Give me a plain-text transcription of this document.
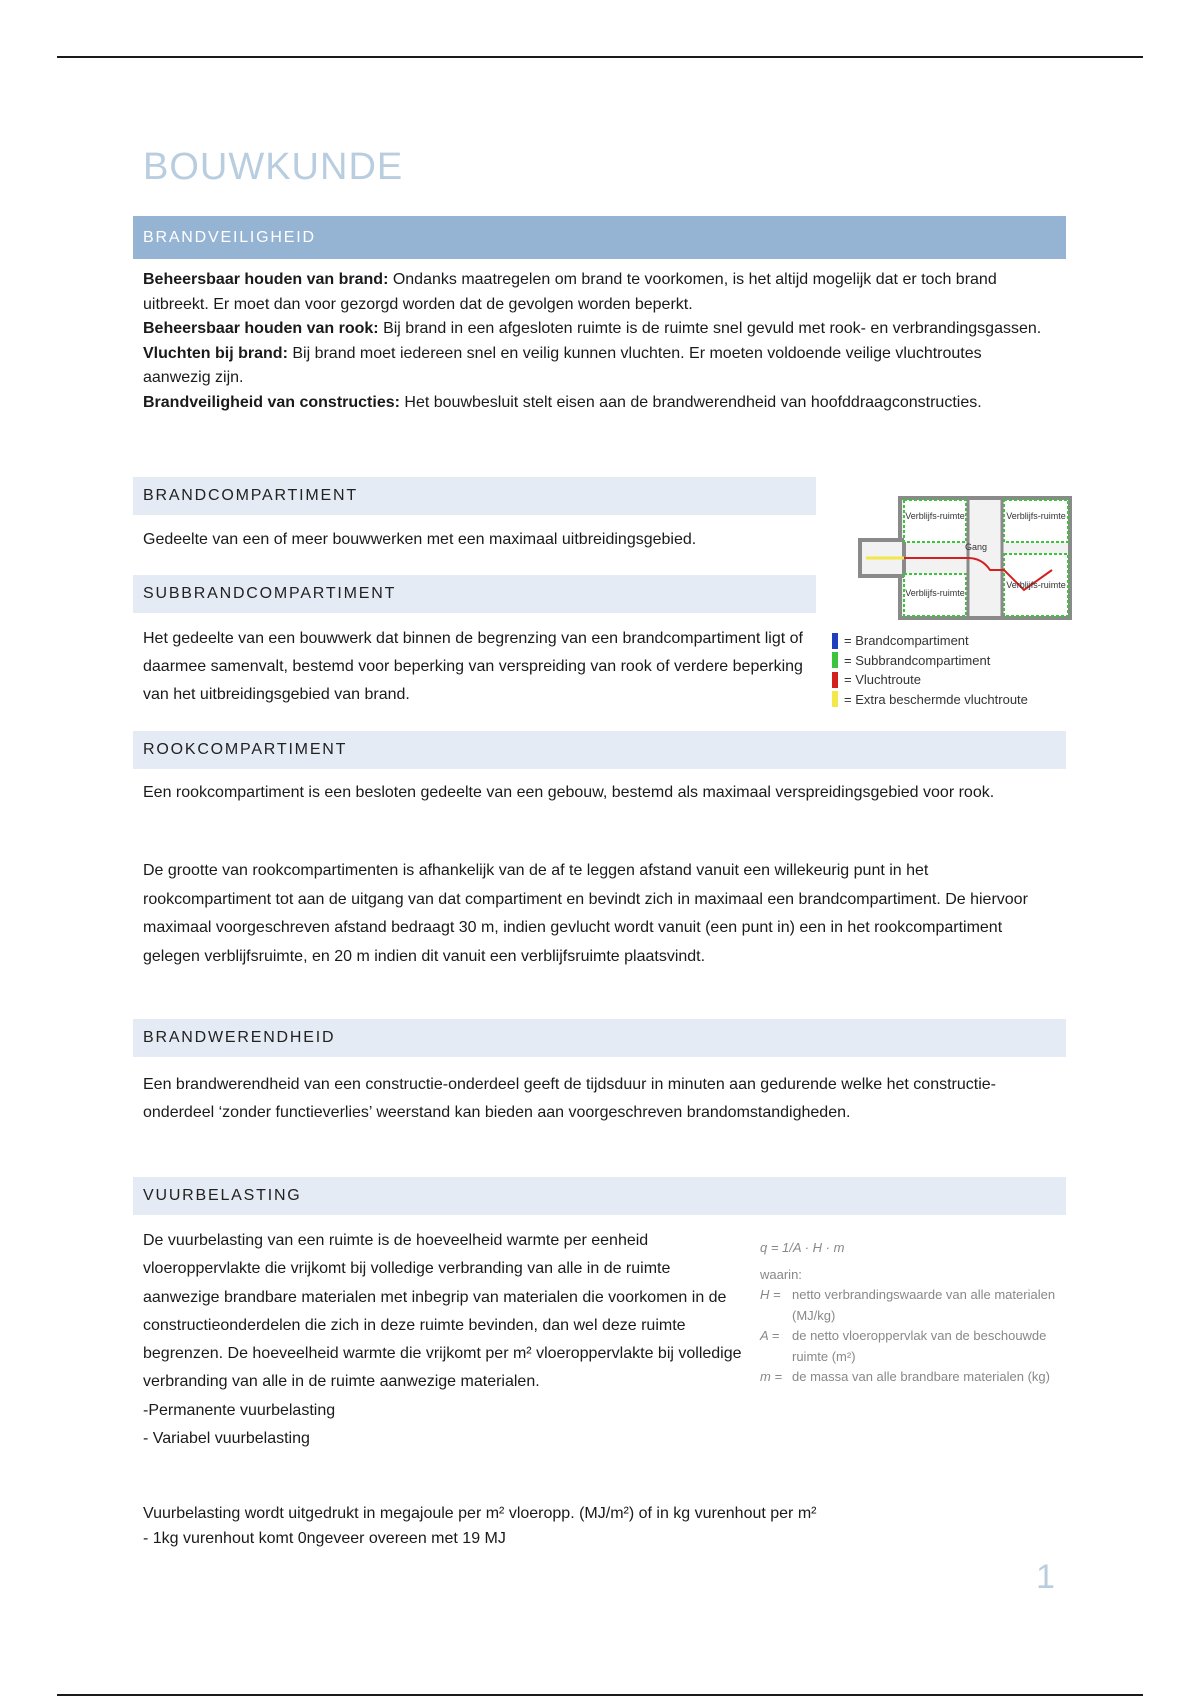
BOUWKUNDE
BRANDVEILIGHEID
Beheersbaar houden van brand: Ondanks maatregelen om brand te voorkomen, is het altijd mogelijk dat er toch brand uitbreekt. Er moet dan voor gezorgd worden dat de gevolgen worden beperkt.
Beheersbaar houden van rook: Bij brand in een afgesloten ruimte is de ruimte snel gevuld met rook- en verbrandingsgassen.
Vluchten bij brand: Bij brand moet iedereen snel en veilig kunnen vluchten. Er moeten voldoende veilige vluchtroutes aanwezig zijn.
Brandveiligheid van constructies: Het bouwbesluit stelt eisen aan de brandwerendheid van hoofddraagconstructies.
BRANDCOMPARTIMENT
Gedeelte van een of meer bouwwerken met een maximaal uitbreidingsgebied.
SUBBRANDCOMPARTIMENT
Het gedeelte van een bouwwerk dat binnen de begrenzing van een brandcompartiment ligt of daarmee samenvalt, bestemd voor beperking van verspreiding van rook of verdere beperking van het uitbreidingsgebied van brand.
Verblijfs-ruimte	Verblijfs-ruimte
Verblijfs-ruimte
Verblijfs-ruimte
Gang
= Brandcompartiment
= Subbrandcompartiment
= Vluchtroute
= Extra beschermde vluchtroute
ROOKCOMPARTIMENT
Een rookcompartiment is een besloten gedeelte van een gebouw, bestemd als maximaal verspreidingsgebied voor rook.
De grootte van rookcompartimenten is afhankelijk van de af te leggen afstand vanuit een willekeurig punt in het rookcompartiment tot aan de uitgang van dat compartiment en bevindt zich in maximaal een brandcompartiment. De hiervoor maximaal voorgeschreven afstand bedraagt 30 m, indien gevlucht wordt vanuit (een punt in) een in het rookcompartiment gelegen verblijfsruimte, en 20 m indien dit vanuit een verblijfsruimte plaatsvindt.
BRANDWERENDHEID
Een brandwerendheid van een constructie-onderdeel geeft de tijdsduur in minuten aan gedurende welke het constructie-onderdeel ‘zonder functieverlies’ weerstand kan bieden aan voorgeschreven brandomstandigheden.
VUURBELASTING
De vuurbelasting van een ruimte is de hoeveelheid warmte per eenheid vloeroppervlakte die vrijkomt bij volledige verbranding van alle in de ruimte aanwezige brandbare materialen met inbegrip van materialen die voorkomen in de constructieonderdelen die zich in deze ruimte bevinden, dan wel deze ruimte begrenzen. De hoeveelheid warmte die vrijkomt per m² vloeroppervlakte bij volledige verbranding van alle in de ruimte aanwezige materialen.
-Permanente vuurbelasting
- Variabel vuurbelasting
q = 1/A · H · m
waarin:
H = netto verbrandingswaarde van alle materialen (MJ/kg)
A = de netto vloeroppervlak van de beschouwde ruimte (m²)
m = de massa van alle brandbare materialen (kg)
Vuurbelasting wordt uitgedrukt in megajoule per m² vloeropp. (MJ/m²) of in kg vurenhout per m²
- 1kg vurenhout komt 0ngeveer overeen met 19 MJ
1
